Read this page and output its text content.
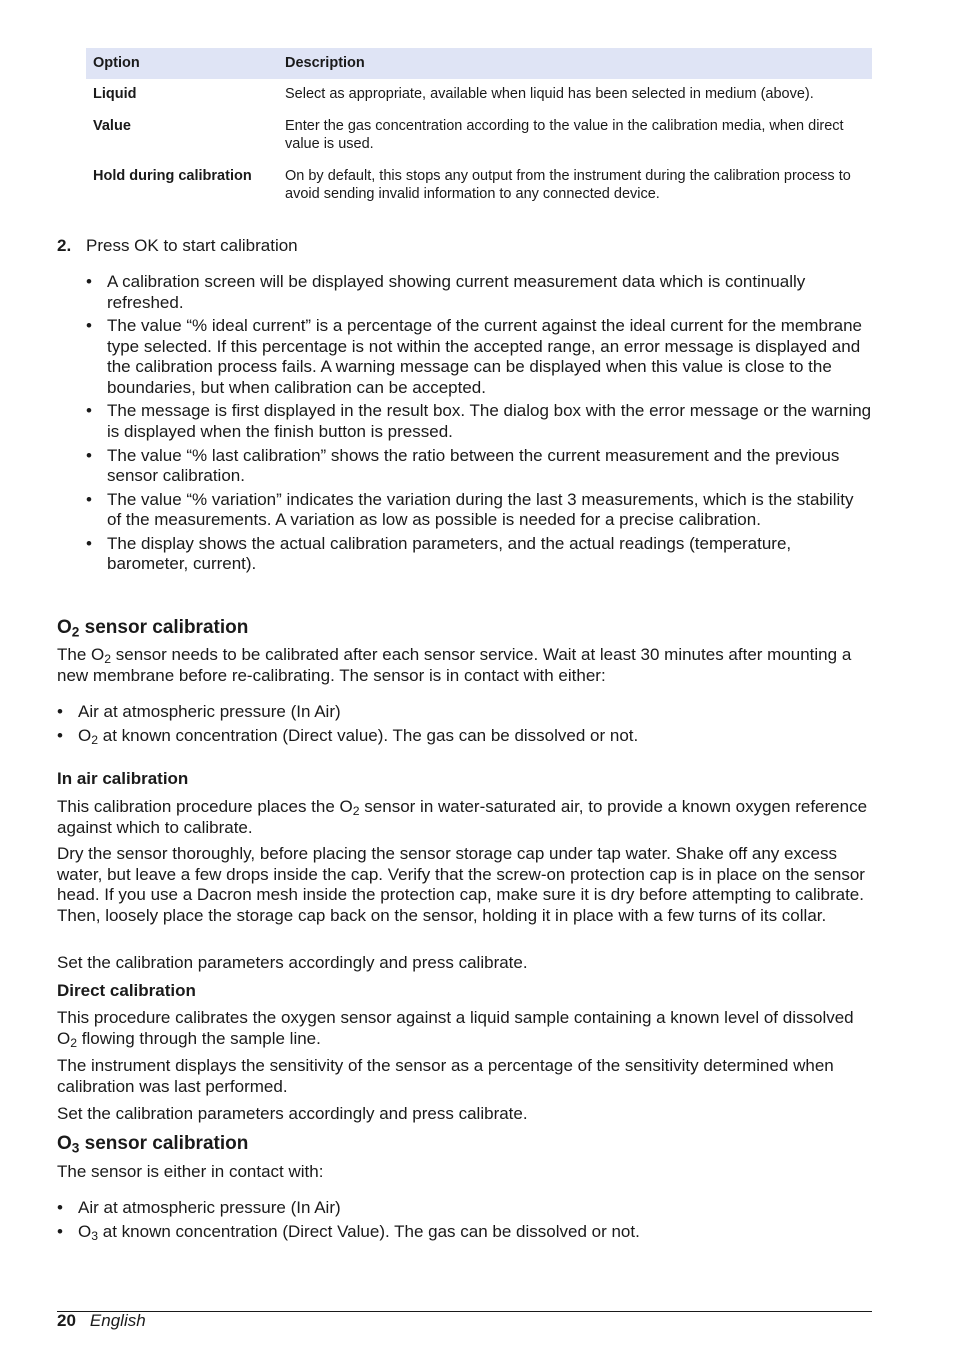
Option	Description
Liquid	Select as appropriate, available when liquid has been selected in medium (above).
Value	Enter the gas concentration according to the value in the calibration media, when direct value is used.
Hold during calibration	On by default, this stops any output from the instrument during the calibration process to avoid sending invalid information to any connected device.
2. Press OK to start calibration
• A calibration screen will be displayed showing current measurement data which is continually refreshed.
• The value “% ideal current” is a percentage of the current against the ideal current for the membrane type selected. If this percentage is not within the accepted range, an error message is displayed and the calibration process fails. A warning message can be displayed when this value is close to the boundaries, but when calibration can be accepted.
• The message is first displayed in the result box. The dialog box with the error message or the warning is displayed when the finish button is pressed.
• The value “% last calibration” shows the ratio between the current measurement and the previous sensor calibration.
• The value “% variation” indicates the variation during the last 3 measurements, which is the stability of the measurements. A variation as low as possible is needed for a precise calibration.
• The display shows the actual calibration parameters, and the actual readings (temperature, barometer, current).
$O_2$ sensor calibration

The $O_2$ sensor needs to be calibrated after each sensor service. Wait at least 30 minutes after mounting a new membrane before re-calibrating. The sensor is in contact with either:

• Air at atmospheric pressure (In Air)
• $O_2$ at known concentration (Direct value). The gas can be dissolved or not.
In air calibration

This calibration procedure places the $O_2$ sensor in water-saturated air, to provide a known oxygen reference against which to calibrate.

Dry the sensor thoroughly, before placing the sensor storage cap under tap water. Shake off any excess water, but leave a few drops inside the cap. Verify that the screw-on protection cap is in place on the sensor head. If you use a Dacron mesh inside the protection cap, make sure it is dry before attempting to calibrate. Then, loosely place the storage cap back on the sensor, holding it in place with a few turns of its collar.

Set the calibration parameters accordingly and press calibrate.

Direct calibration

This procedure calibrates the oxygen sensor against a liquid sample containing a known level of dissolved $O_2$ flowing through the sample line.

The instrument displays the sensitivity of the sensor as a percentage of the sensitivity determined when calibration was last performed.

Set the calibration parameters accordingly and press calibrate.

$O_3$ sensor calibration

The sensor is either in contact with:

• Air at atmospheric pressure (In Air)
• $O_3$ at known concentration (Direct Value). The gas can be dissolved or not.
20 English
